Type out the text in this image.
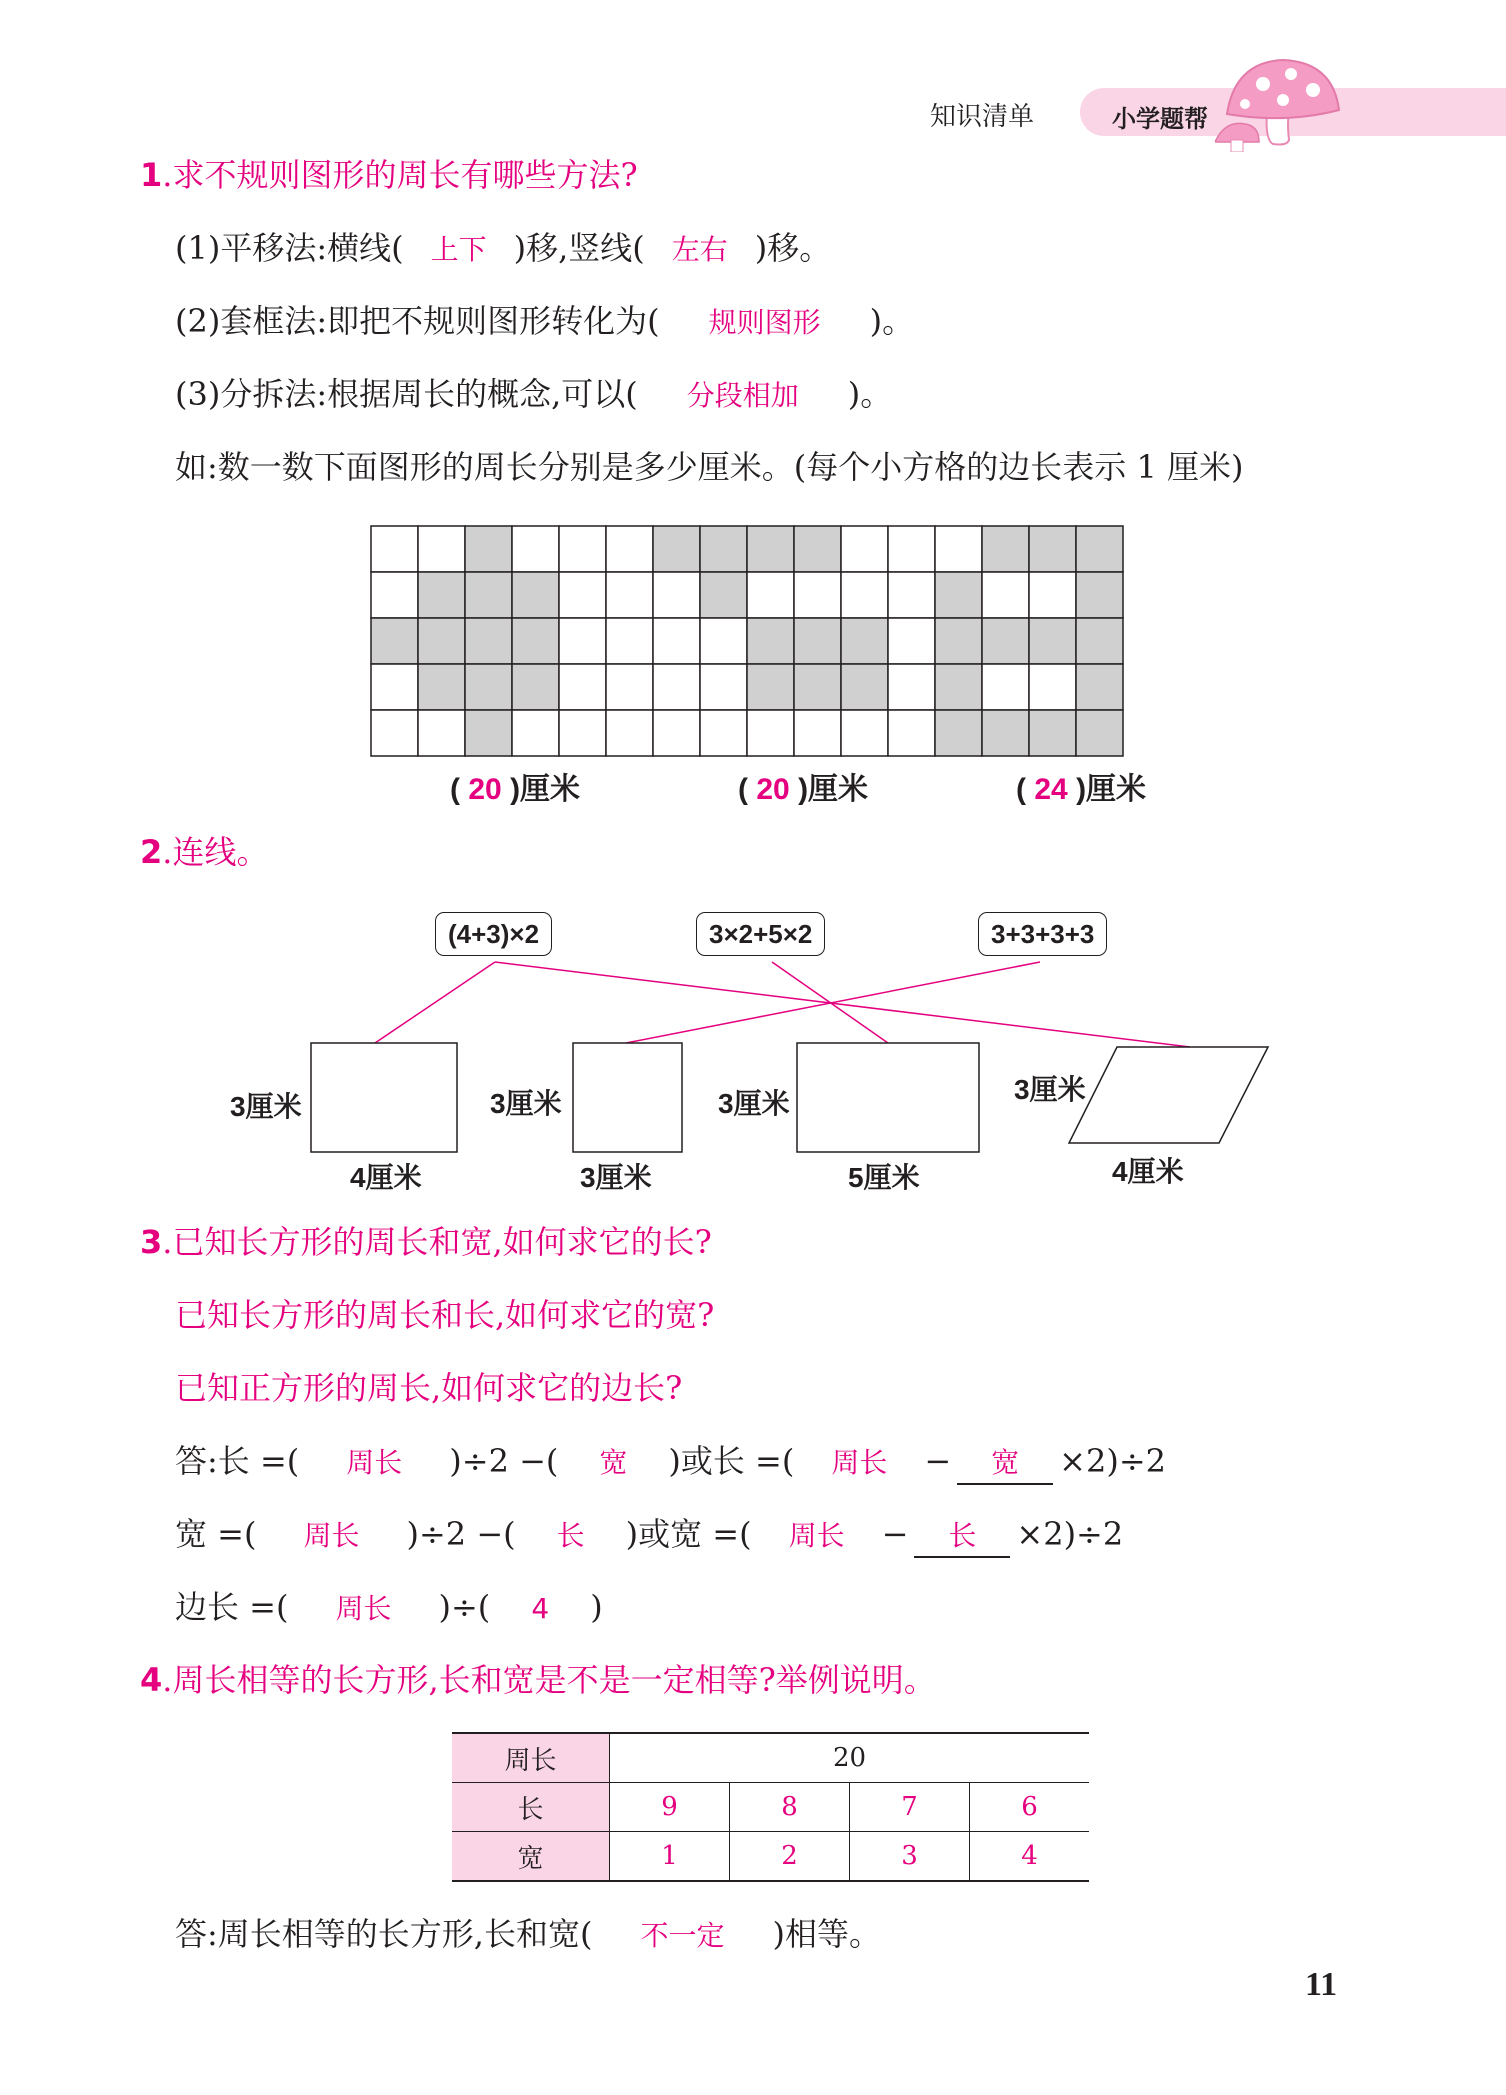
知识清单	小学题帮
1.求不规则图形的周长有哪些方法?
(1)平移法:横线( 上下 )移,竖线( 左右 )移。
(2)套框法:即把不规则图形转化为( 规则图形 )。
(3)分拆法:根据周长的概念,可以( 分段相加 )。
如:数一数下面图形的周长分别是多少厘米。(每个小方格的边长表示 1 厘米)
( 20 )厘米	( 20 )厘米	( 24 )厘米
2.连线。
(4+3)×2	3×2+5×2	3+3+3+3
3厘米
4厘米
3厘米
3厘米
3厘米
5厘米
3厘米
4厘米
3.已知长方形的周长和宽,如何求它的长?
已知长方形的周长和长,如何求它的宽?
已知正方形的周长,如何求它的边长?
答:长 =( 周长 )÷2 −( 宽 )或长 =( 周长 − 宽 ×2)÷2
宽 =( 周长 )÷2 −( 长 )或宽 =( 周长 − 长 ×2)÷2
边长 =( 周长 )÷( 4 )
4.周长相等的长方形,长和宽是不是一定相等?举例说明。
周长	20			
长	9	8	7	6
宽	1	2	3	4
答:周长相等的长方形,长和宽( 不一定 )相等。
11
